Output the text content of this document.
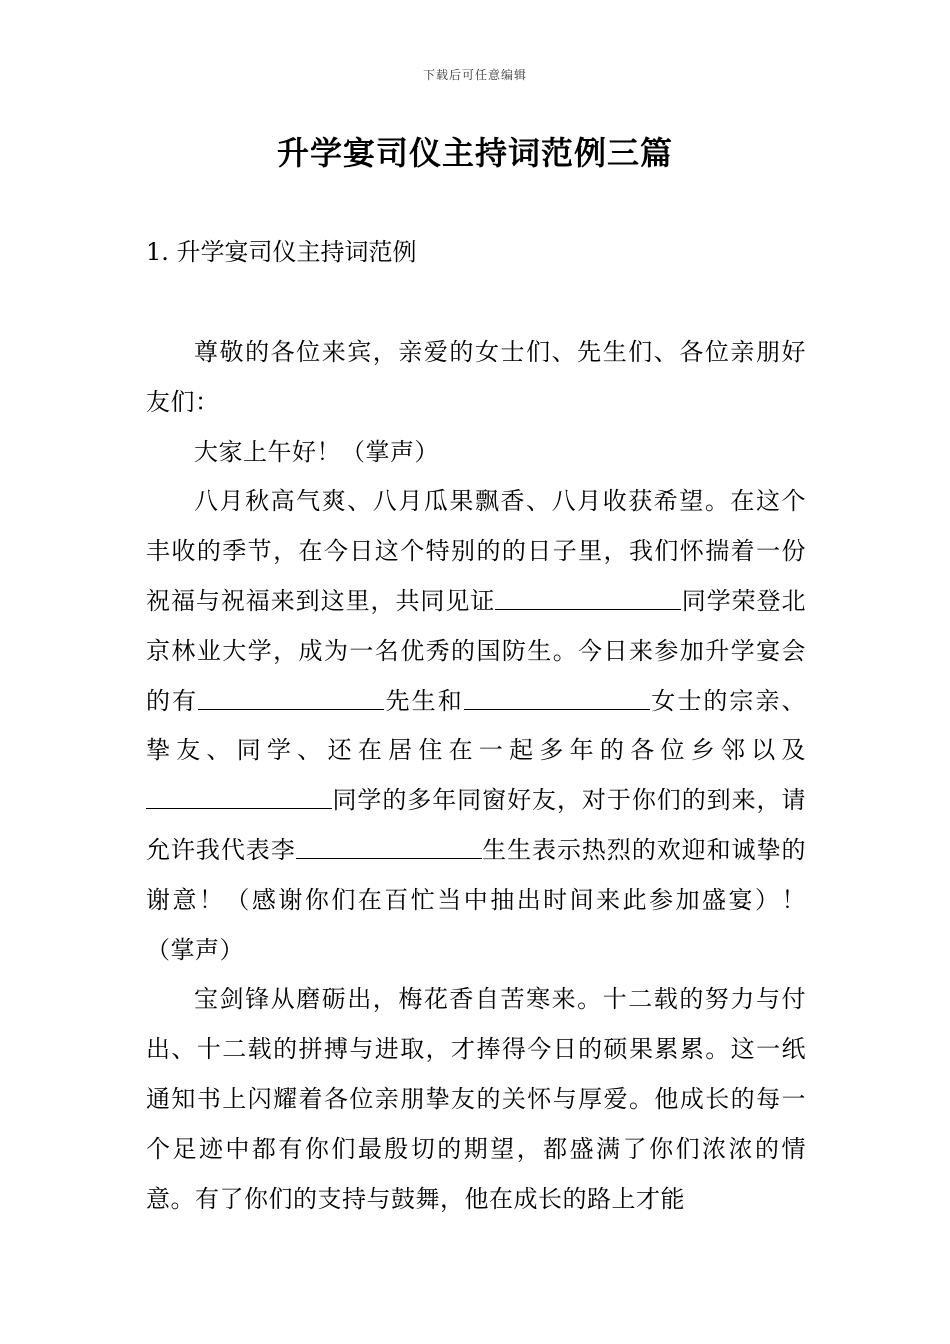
下载后可任意编辑
升学宴司仪主持词范例三篇
1. 升学宴司仪主持词范例

尊敬的各位来宾，亲爱的女士们、先生们、各位亲朋好友们：

大家上午好！（掌声）

八月秋高气爽、八月瓜果飘香、八月收获希望。在这个丰收的季节，在今日这个特别的的日子里，我们怀揣着一份祝福与祝福来到这里，共同见证	同学荣登北京林业大学，成为一名优秀的国防生。今日来参加升学宴会的有	先生和	女士的宗亲、挚友、同学、还在居住在一起多年的各位乡邻以及同学的多年同窗好友，对于你们的到来，请允许我代表李	生生表示热烈的欢迎和诚挚的谢意！（感谢你们在百忙当中抽出时间来此参加盛宴）！（掌声）

宝剑锋从磨砺出，梅花香自苦寒来。十二载的努力与付出、十二载的拼搏与进取，才捧得今日的硕果累累。这一纸通知书上闪耀着各位亲朋挚友的关怀与厚爱。他成长的每一个足迹中都有你们最殷切的期望，都盛满了你们浓浓的情意。有了你们的支持与鼓舞，他在成长的路上才能
